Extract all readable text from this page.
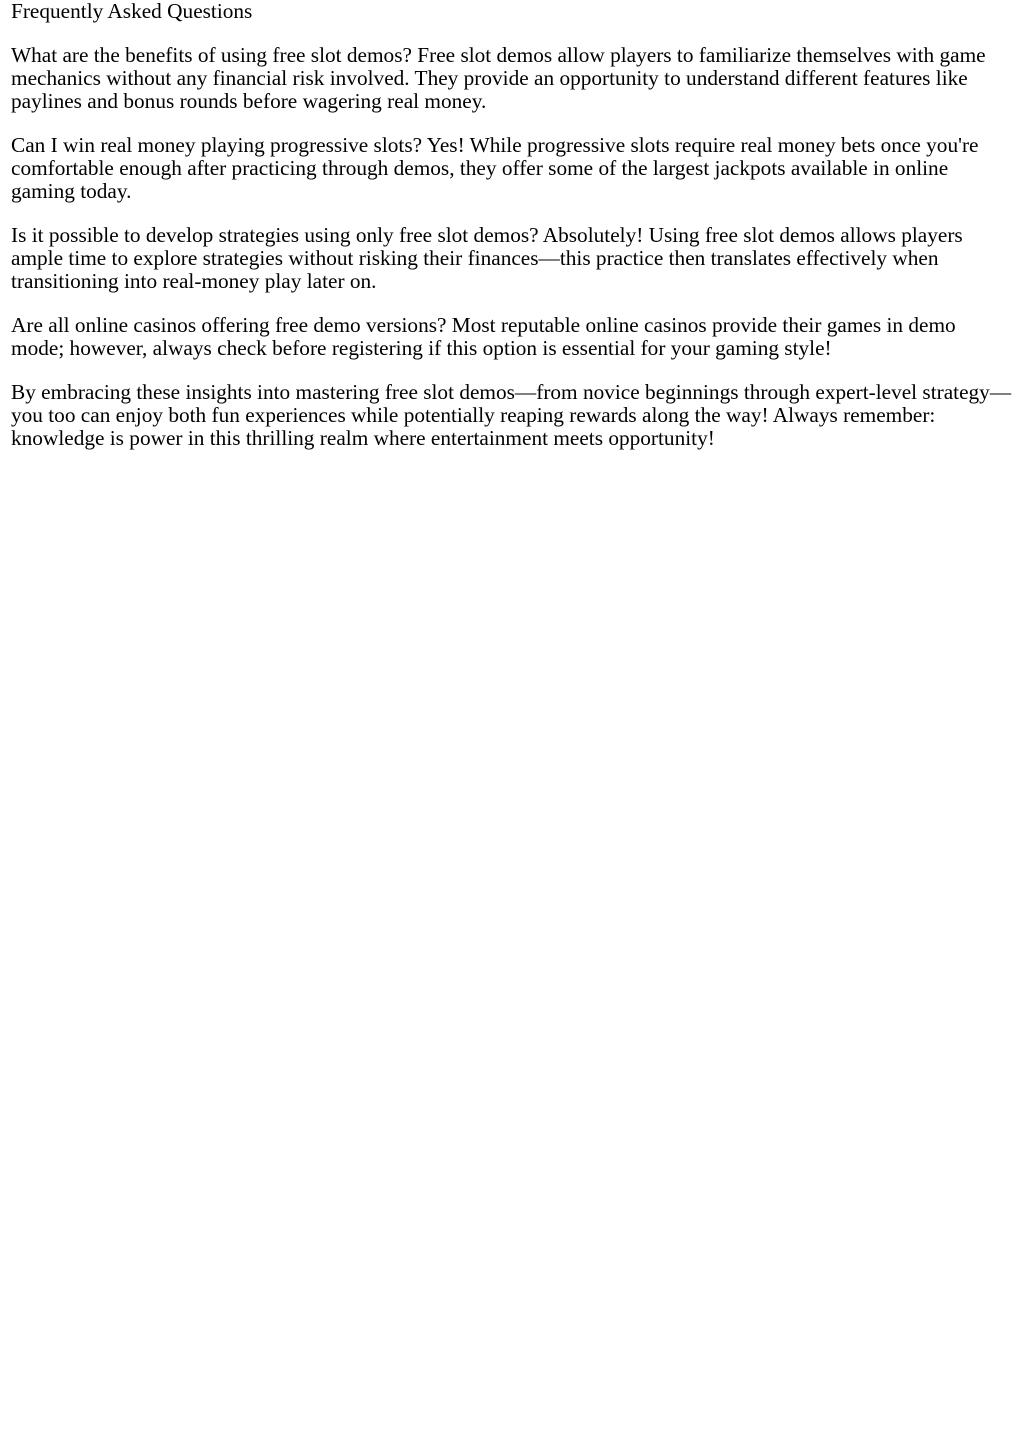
Frequently Asked Questions

What are the benefits of using free slot demos? Free slot demos allow players to familiarize themselves with game mechanics without any financial risk involved. They provide an opportunity to understand different features like paylines and bonus rounds before wagering real money.

Can I win real money playing progressive slots? Yes! While progressive slots require real money bets once you're comfortable enough after practicing through demos, they offer some of the largest jackpots available in online gaming today.

Is it possible to develop strategies using only free slot demos? Absolutely! Using free slot demos allows players ample time to explore strategies without risking their finances—this practice then translates effectively when transitioning into real-money play later on.

Are all online casinos offering free demo versions? Most reputable online casinos provide their games in demo mode; however, always check before registering if this option is essential for your gaming style!

By embracing these insights into mastering free slot demos—from novice beginnings through expert-level strategy—you too can enjoy both fun experiences while potentially reaping rewards along the way! Always remember: knowledge is power in this thrilling realm where entertainment meets opportunity!
